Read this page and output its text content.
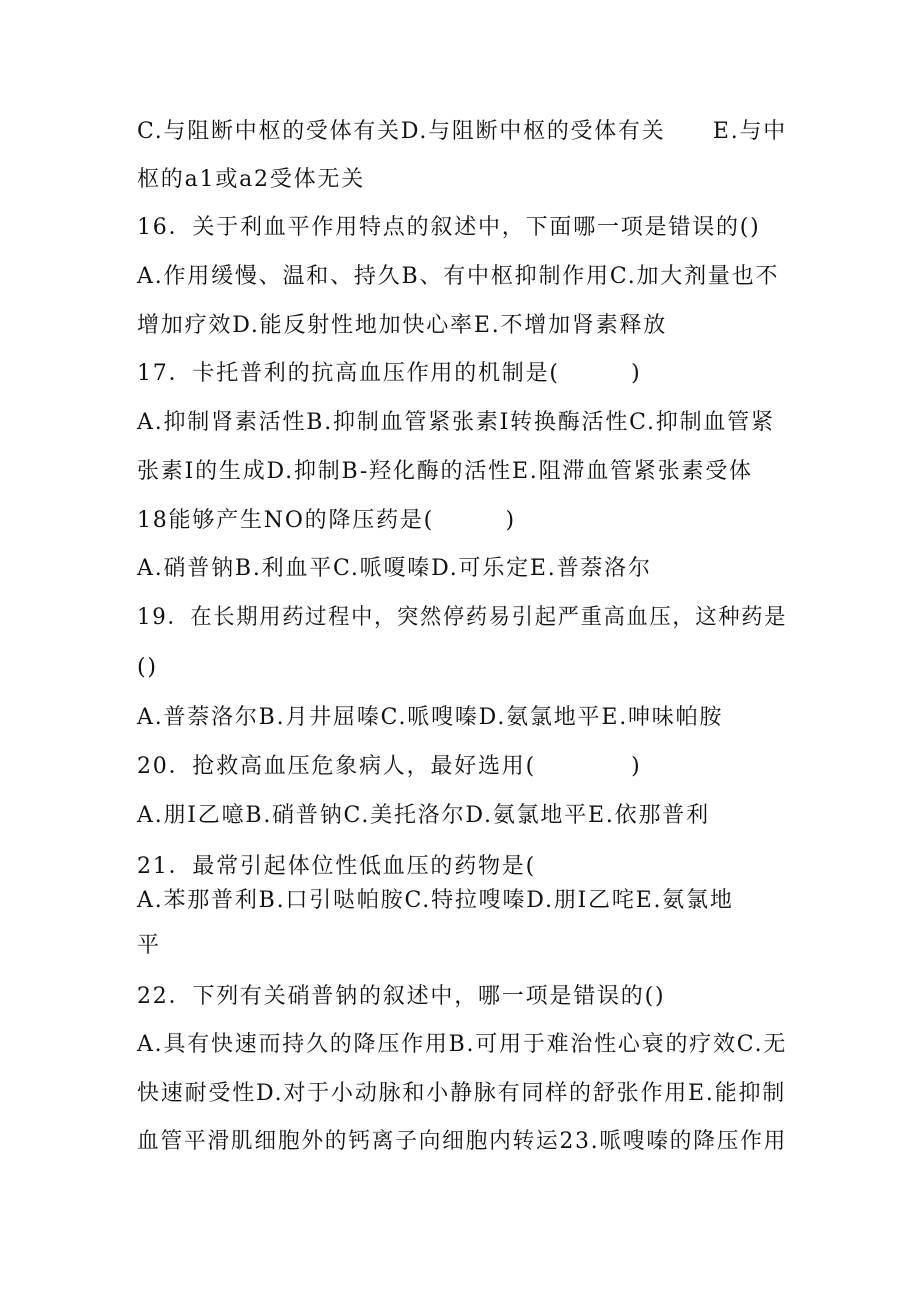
C.与阻断中枢的受体有关D.与阻断中枢的受体有关　　E.与中
枢的a1或a2受体无关
16．关于利血平作用特点的叙述中，下面哪一项是错误的()
A.作用缓慢、温和、持久B、有中枢抑制作用C.加大剂量也不
增加疗效D.能反射性地加快心率E.不增加肾素释放
17．卡托普利的抗高血压作用的机制是(　　　)
A.抑制肾素活性B.抑制血管紧张素Ⅰ转换酶活性C.抑制血管紧
张素Ⅰ的生成D.抑制B-羟化酶的活性E.阻滞血管紧张素受体
18能够产生NO的降压药是(　　　)
A.硝普钠B.利血平C.哌嗄嗪D.可乐定E.普萘洛尔
19．在长期用药过程中，突然停药易引起严重高血压，这种药是
()
A.普萘洛尔B.月井屈嗪C.哌嗖嗪D.氨氯地平E.呻味帕胺
20．抢救高血压危象病人，最好选用(　　　　)
A.朋Ⅰ乙噫B.硝普钠C.美托洛尔D.氨氯地平E.依那普利
21．最常引起体位性低血压的药物是(
A.苯那普利B.口引哒帕胺C.特拉嗖嗪D.朋Ⅰ乙咤E.氨氯地
平
22．下列有关硝普钠的叙述中，哪一项是错误的()
A.具有快速而持久的降压作用B.可用于难治性心衰的疗效C.无
快速耐受性D.对于小动脉和小静脉有同样的舒张作用E.能抑制
血管平滑肌细胞外的钙离子向细胞内转运23.哌嗖嗪的降压作用
